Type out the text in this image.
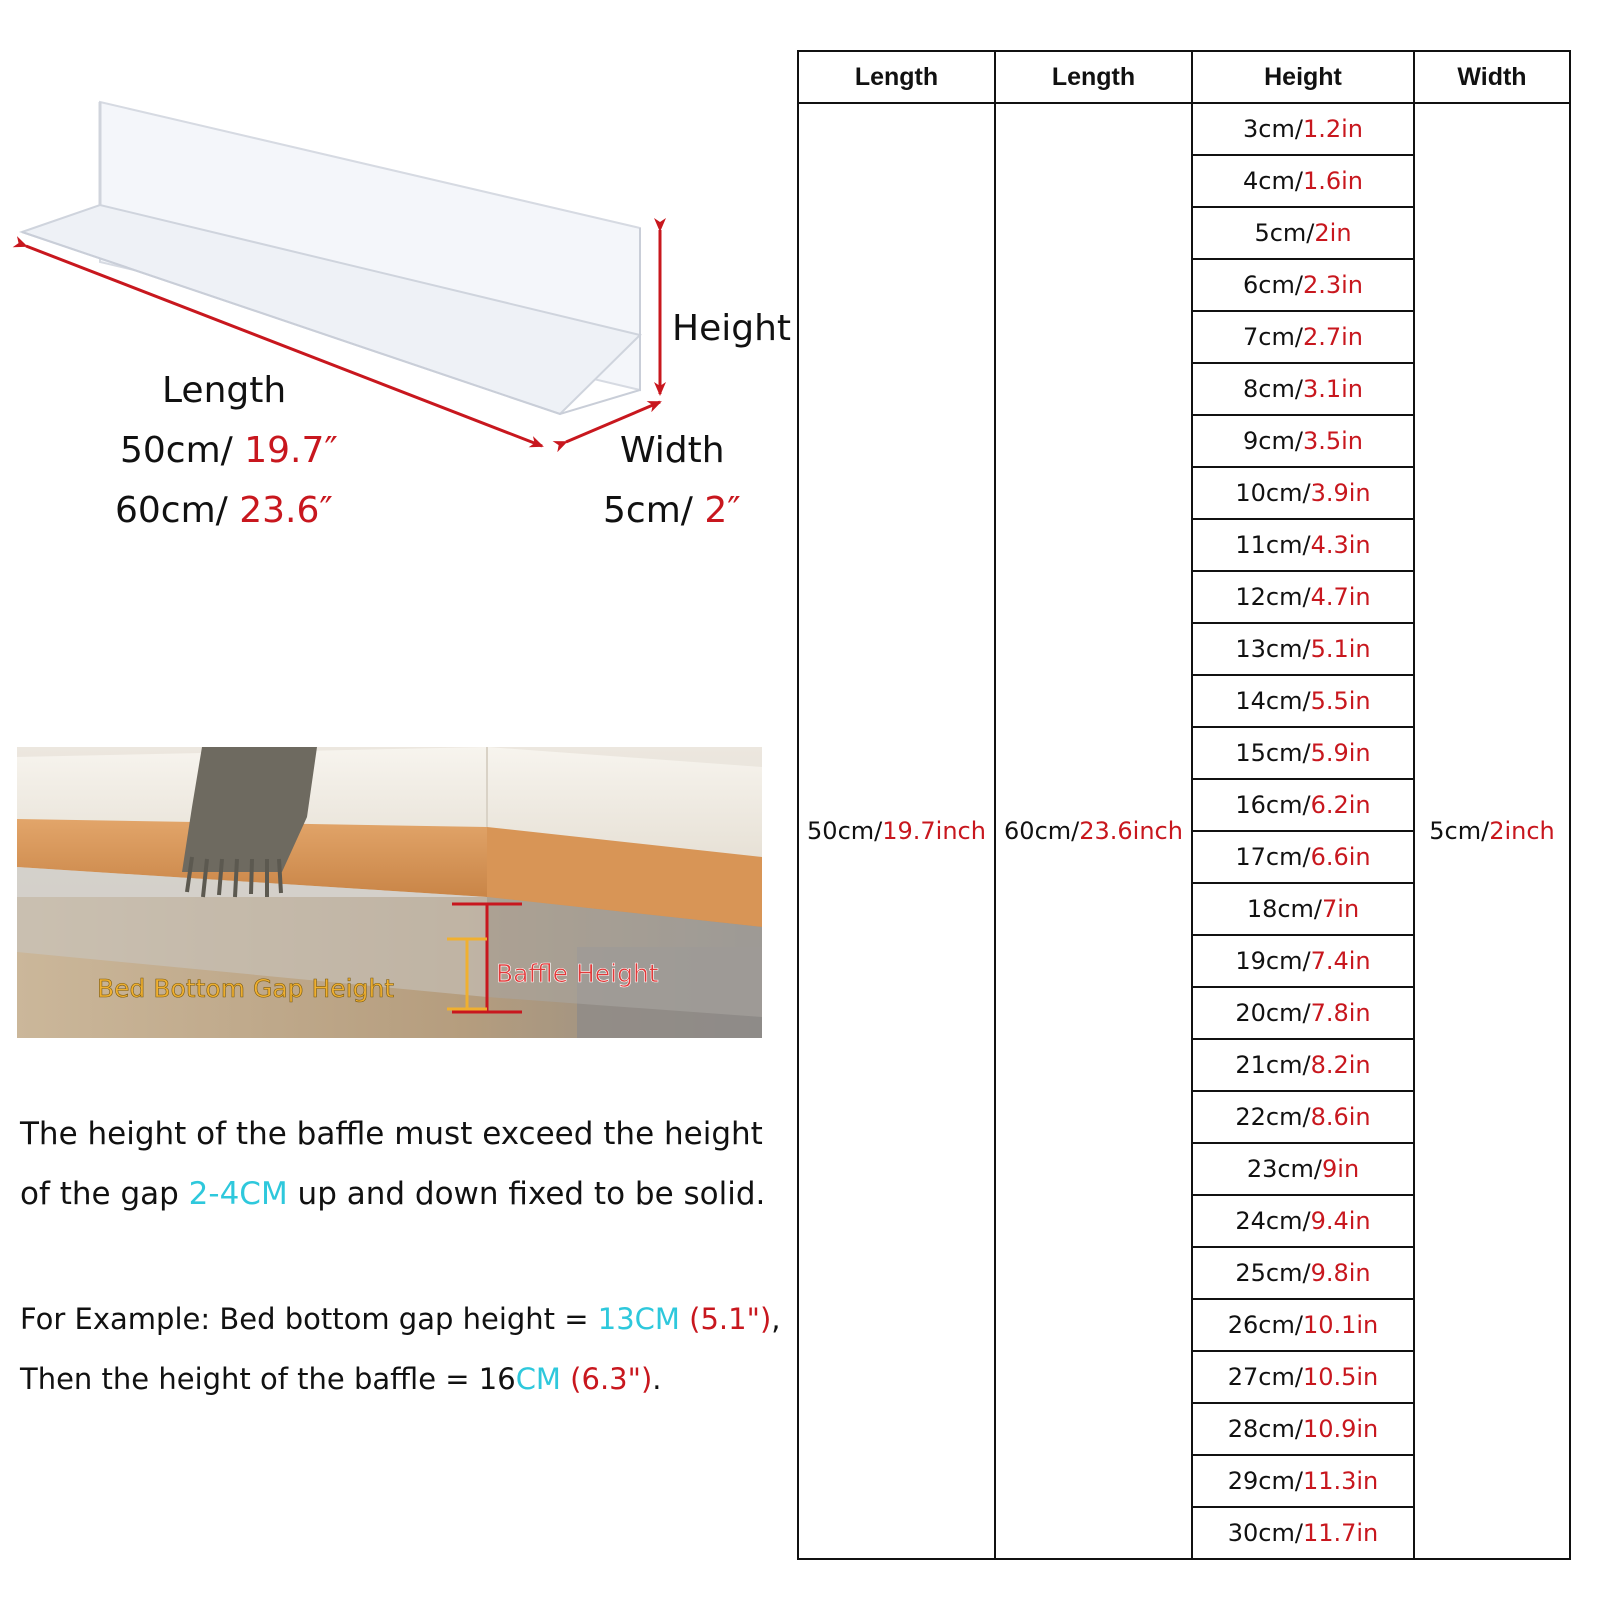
Height
Length
50cm/ 19.7″
60cm/ 23.6″
Width
5cm/ 2″
Bed Bottom Gap Height
Baffle Height
The height of the baffle must exceed the height
of the gap 2-4CM up and down fixed to be solid.
For Example: Bed bottom gap height = 13CM (5.1"),
Then the height of the baffle = 16CM (6.3").
Length	Length	Height	Width
50cm/19.7inch	60cm/23.6inch	3cm/1.2in	5cm/2inch
		4cm/1.6in	
		5cm/2in	
		6cm/2.3in	
		7cm/2.7in	
		8cm/3.1in	
		9cm/3.5in	
		10cm/3.9in	
		11cm/4.3in	
		12cm/4.7in	
		13cm/5.1in	
		14cm/5.5in	
		15cm/5.9in	
		16cm/6.2in	
		17cm/6.6in	
		18cm/7in	
		19cm/7.4in	
		20cm/7.8in	
		21cm/8.2in	
		22cm/8.6in	
		23cm/9in	
		24cm/9.4in	
		25cm/9.8in	
		26cm/10.1in	
		27cm/10.5in	
		28cm/10.9in	
		29cm/11.3in	
		30cm/11.7in	
